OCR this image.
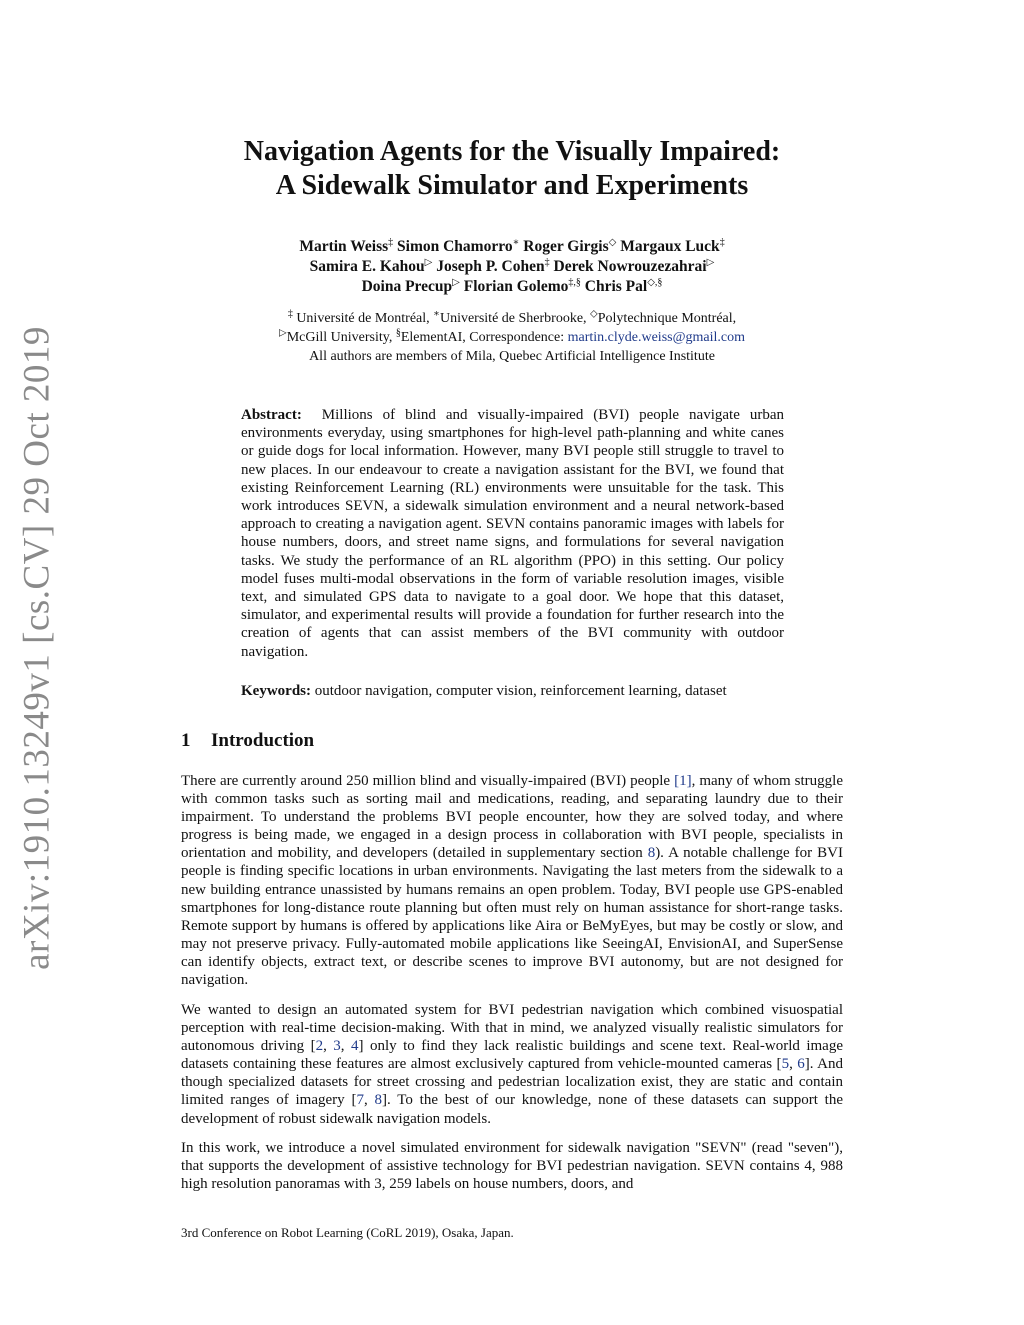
arXiv:1910.13249v1 [cs.CV] 29 Oct 2019
Navigation Agents for the Visually Impaired:
A Sidewalk Simulator and Experiments
Martin Weiss‡ Simon Chamorro∗ Roger Girgis◇ Margaux Luck‡
Samira E. Kahou▷ Joseph P. Cohen‡ Derek Nowrouzezahrai▷
Doina Precup▷ Florian Golemo‡,§ Chris Pal◇,§
‡ Université de Montréal, ∗Université de Sherbrooke, ◇Polytechnique Montréal,
▷McGill University, §ElementAI, Correspondence: martin.clyde.weiss@gmail.com
All authors are members of Mila, Quebec Artificial Intelligence Institute
Abstract: Millions of blind and visually-impaired (BVI) people navigate urban environments everyday, using smartphones for high-level path-planning and white canes or guide dogs for local information. However, many BVI people still struggle to travel to new places. In our endeavour to create a navigation assistant for the BVI, we found that existing Reinforcement Learning (RL) environments were unsuitable for the task. This work introduces SEVN, a sidewalk simulation environment and a neural network-based approach to creating a navigation agent. SEVN contains panoramic images with labels for house numbers, doors, and street name signs, and formulations for several navigation tasks. We study the performance of an RL algorithm (PPO) in this setting. Our policy model fuses multi-modal observations in the form of variable resolution images, visible text, and simulated GPS data to navigate to a goal door. We hope that this dataset, simulator, and experimental results will provide a foundation for further research into the creation of agents that can assist members of the BVI community with outdoor navigation.
Keywords: outdoor navigation, computer vision, reinforcement learning, dataset
1 Introduction
There are currently around 250 million blind and visually-impaired (BVI) people [1], many of whom struggle with common tasks such as sorting mail and medications, reading, and separating laundry due to their impairment. To understand the problems BVI people encounter, how they are solved today, and where progress is being made, we engaged in a design process in collaboration with BVI people, specialists in orientation and mobility, and developers (detailed in supplementary section 8). A notable challenge for BVI people is finding specific locations in urban environments. Navigating the last meters from the sidewalk to a new building entrance unassisted by humans remains an open problem. Today, BVI people use GPS-enabled smartphones for long-distance route planning but often must rely on human assistance for short-range tasks. Remote support by humans is offered by applications like Aira or BeMyEyes, but may be costly or slow, and may not preserve privacy. Fully-automated mobile applications like SeeingAI, EnvisionAI, and SuperSense can identify objects, extract text, or describe scenes to improve BVI autonomy, but are not designed for navigation.
We wanted to design an automated system for BVI pedestrian navigation which combined visuospatial perception with real-time decision-making. With that in mind, we analyzed visually realistic simulators for autonomous driving [2, 3, 4] only to find they lack realistic buildings and scene text. Real-world image datasets containing these features are almost exclusively captured from vehicle-mounted cameras [5, 6]. And though specialized datasets for street crossing and pedestrian localization exist, they are static and contain limited ranges of imagery [7, 8]. To the best of our knowledge, none of these datasets can support the development of robust sidewalk navigation models.
In this work, we introduce a novel simulated environment for sidewalk navigation "SEVN" (read "seven"), that supports the development of assistive technology for BVI pedestrian navigation. SEVN contains 4, 988 high resolution panoramas with 3, 259 labels on house numbers, doors, and
3rd Conference on Robot Learning (CoRL 2019), Osaka, Japan.
